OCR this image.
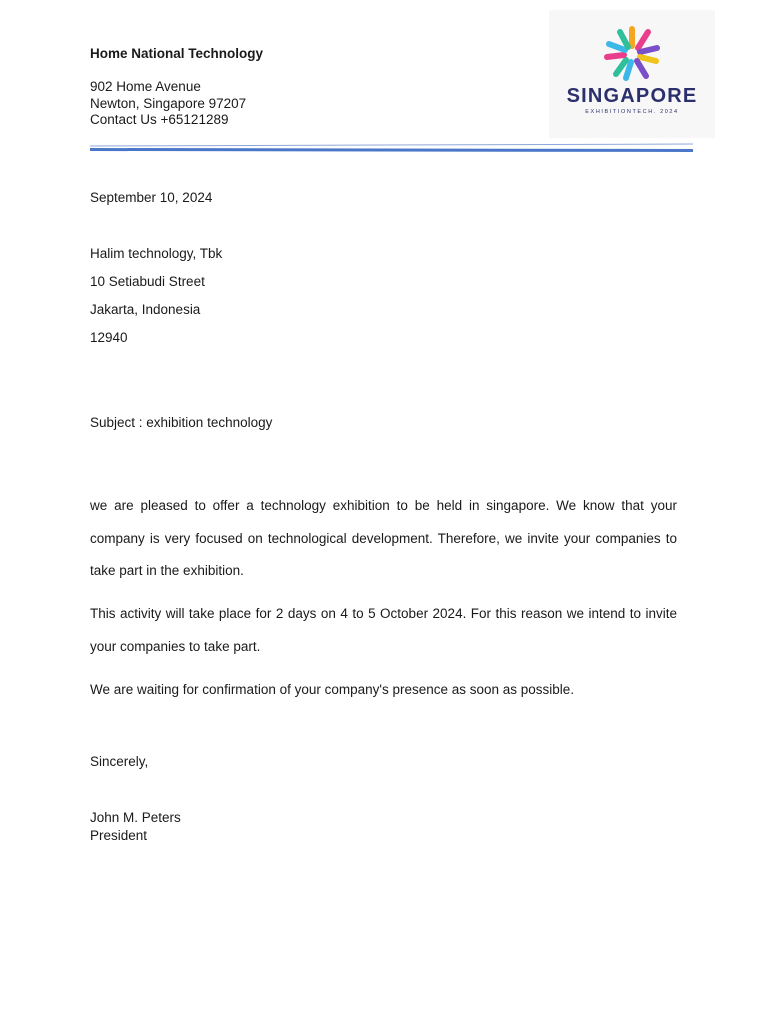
Home National Technology
902 Home Avenue
Newton, Singapore 97207
Contact Us +65121289
SINGAPORE
EXHIBITIONTECH. 2024
September 10, 2024
Halim technology, Tbk
10 Setiabudi Street
Jakarta, Indonesia
12940
Subject : exhibition technology
we are pleased to offer a technology exhibition to be held in singapore. We know that your company is very focused on technological development. Therefore, we invite your companies to take part in the exhibition.
This activity will take place for 2 days on 4 to 5 October 2024. For this reason we intend to invite your companies to take part.
We are waiting for confirmation of your company's presence as soon as possible.
Sincerely,
John M. Peters
President
